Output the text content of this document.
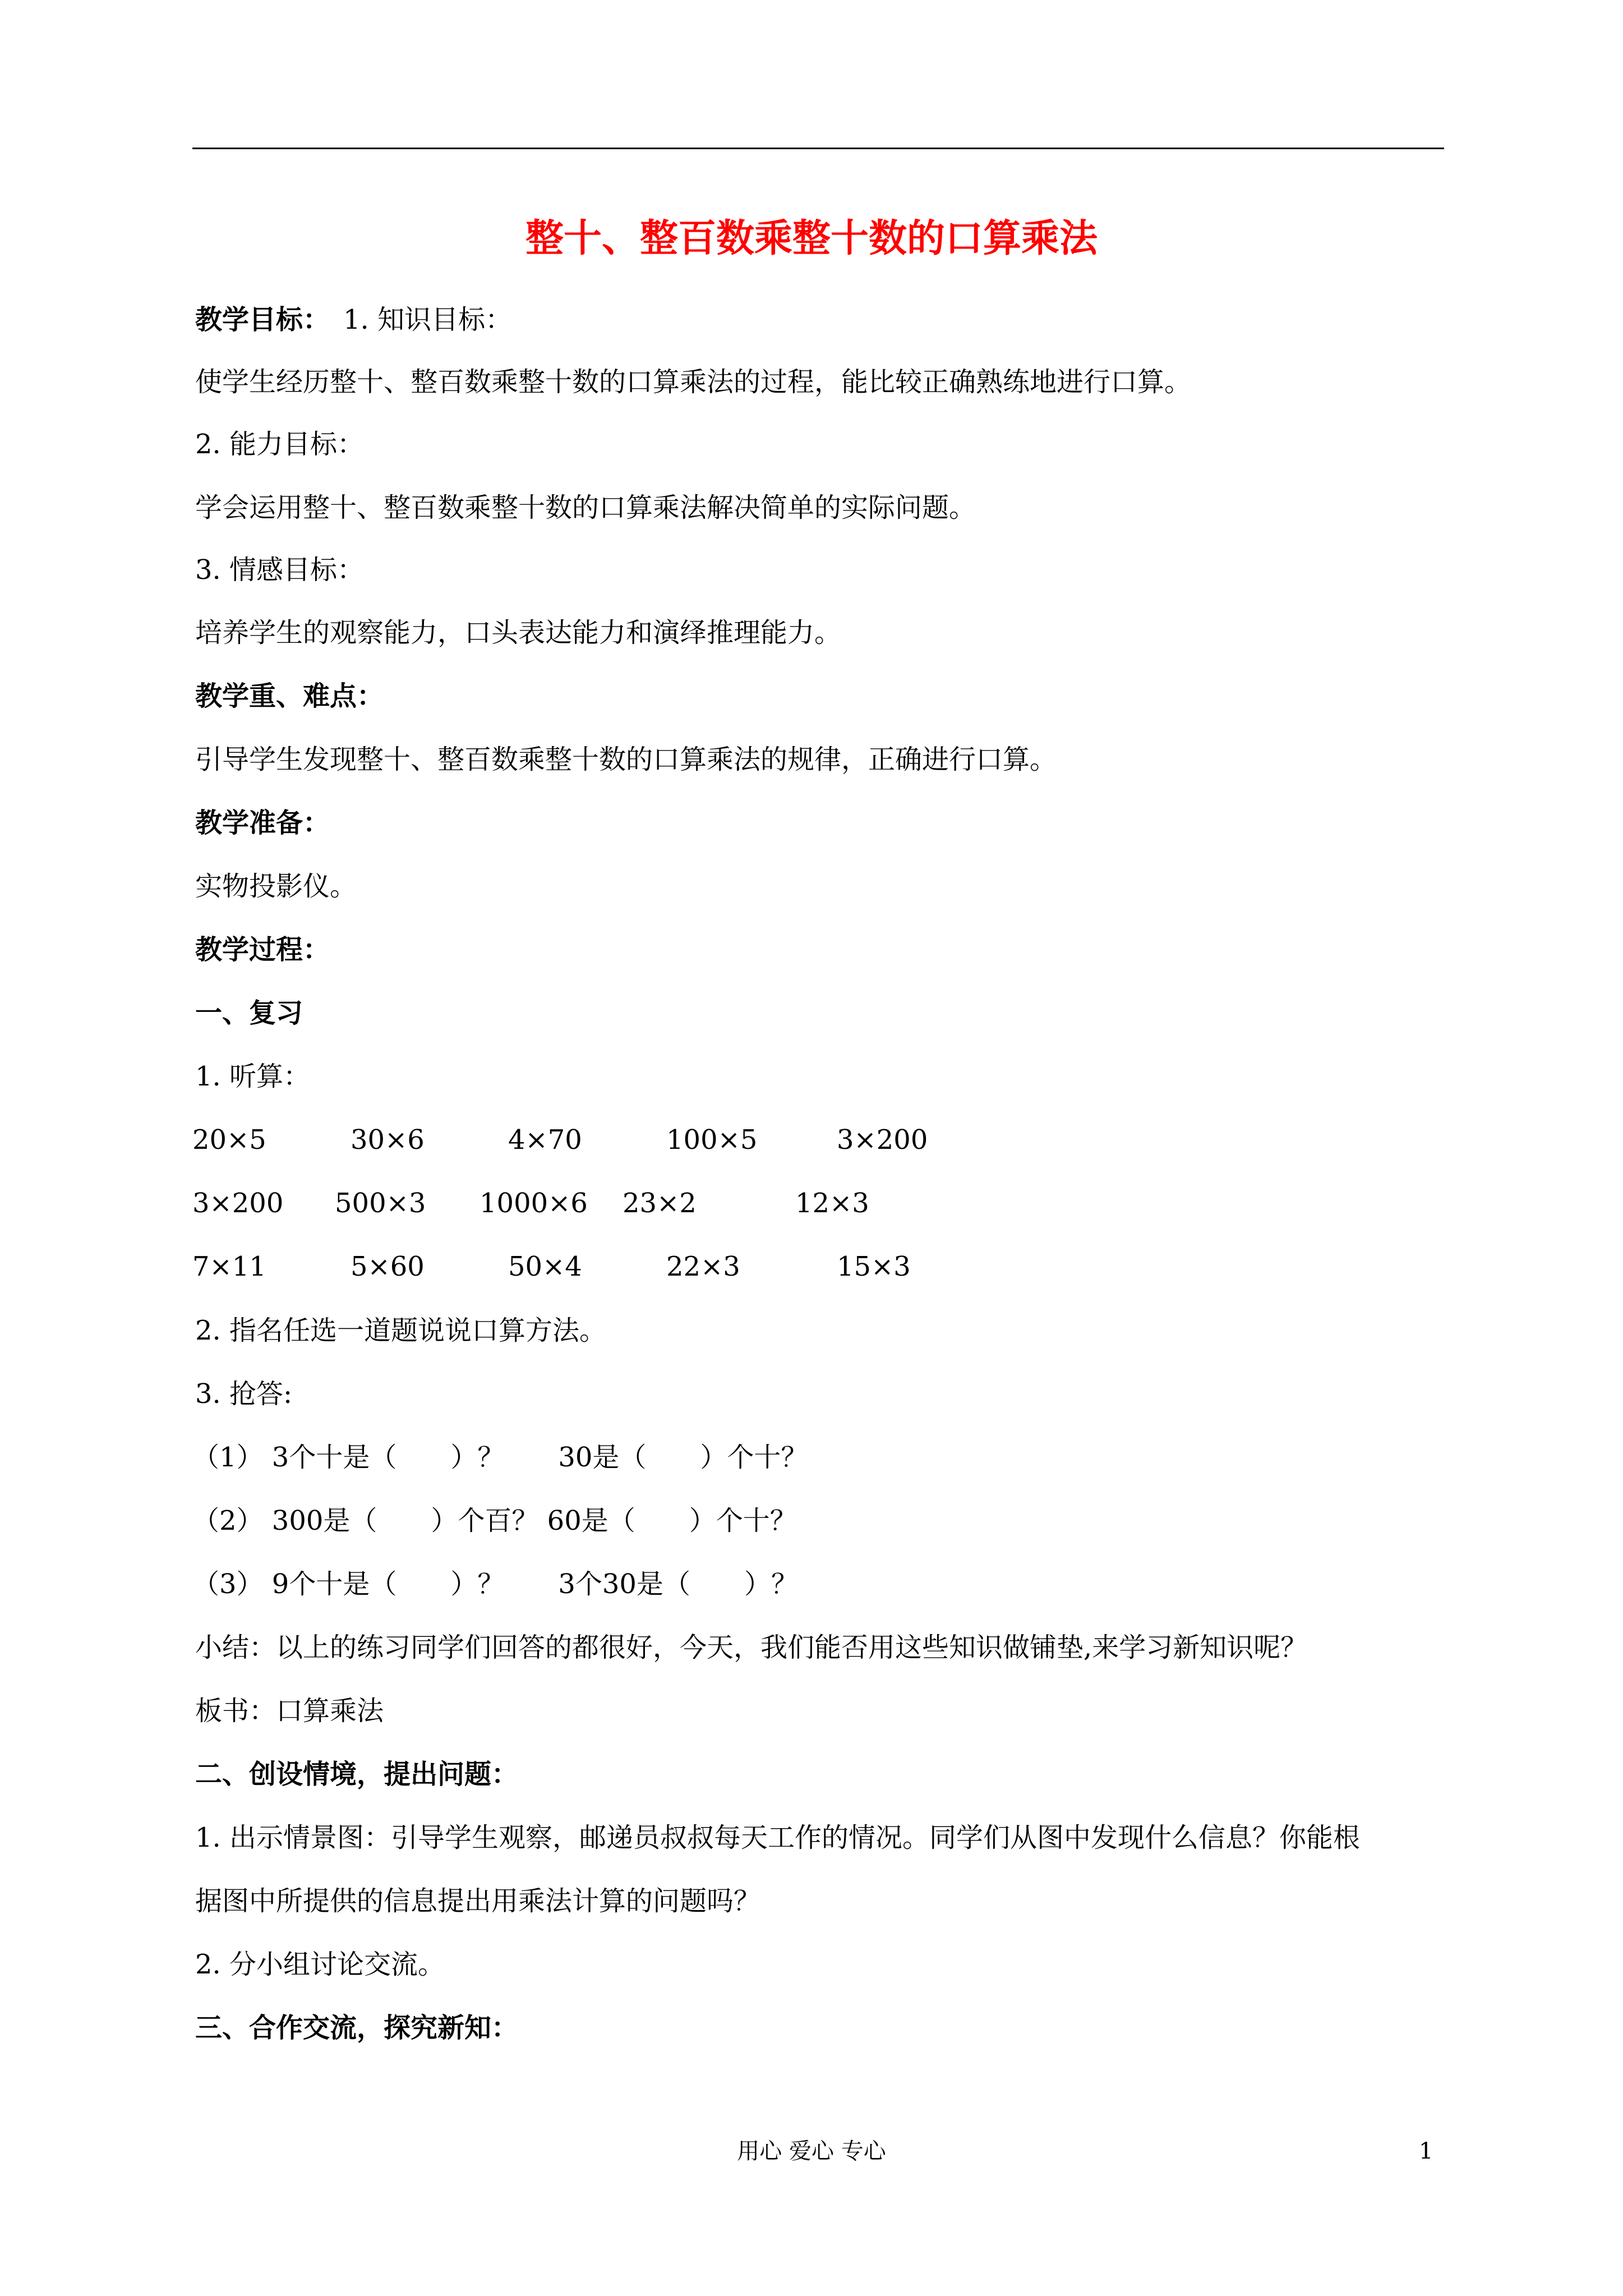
整十、整百数乘整十数的口算乘法
教学目标： 1. 知识目标：
使学生经历整十、整百数乘整十数的口算乘法的过程，能比较正确熟练地进行口算。
2. 能力目标：
学会运用整十、整百数乘整十数的口算乘法解决简单的实际问题。
3. 情感目标：
培养学生的观察能力，口头表达能力和演绎推理能力。
教学重、难点：
引导学生发现整十、整百数乘整十数的口算乘法的规律，正确进行口算。
教学准备：
实物投影仪。
教学过程：
一、复习
1. 听算：
20×5	30×6	4×70	100×5	3×200
3×200 500×3 1000×6 23×2	12×3
7×11	5×60	50×4	22×3	15×3
2. 指名任选一道题说说口算方法。
3. 抢答:
（1） 3个十是（　　）？　　30是（　　）个十？
（2） 300是（　　）个百？ 60是（　　）个十？
（3） 9个十是（　　）？　　3个30是（　　）？
小结：以上的练习同学们回答的都很好，今天，我们能否用这些知识做铺垫,来学习新知识呢？
板书：口算乘法
二、创设情境，提出问题：
1. 出示情景图：引导学生观察，邮递员叔叔每天工作的情况。同学们从图中发现什么信息？你能根
据图中所提供的信息提出用乘法计算的问题吗？
2. 分小组讨论交流。
三、合作交流，探究新知：
用心 爱心 专心	1
